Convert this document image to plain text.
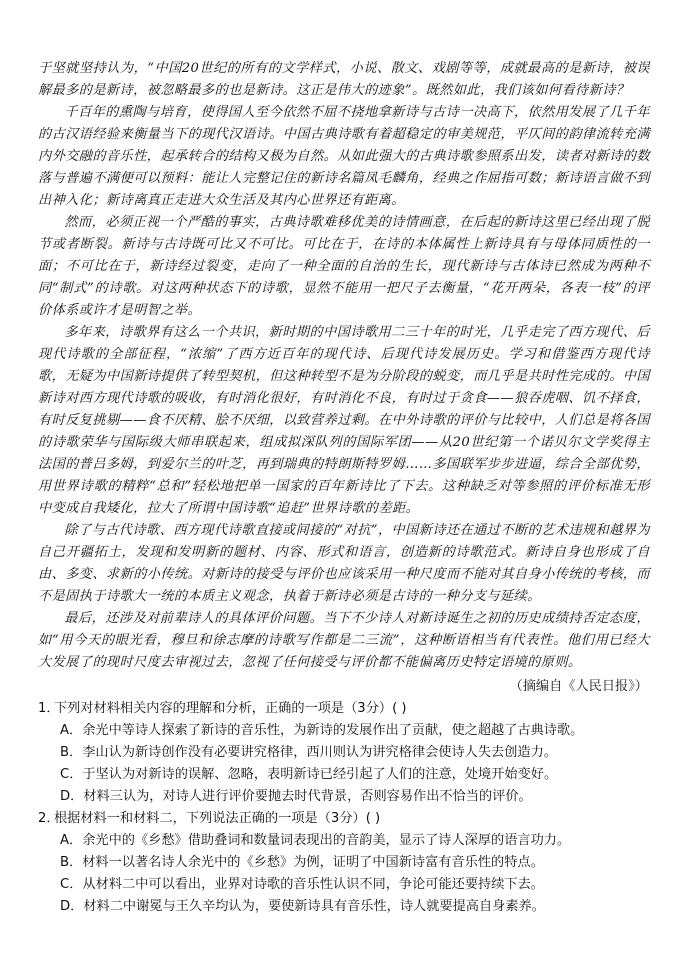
于坚就坚持认为，“中国20世纪的所有的文学样式，小说、散文、戏剧等等，成就最高的是新诗，被误解最多的是新诗，被忽略最多的也是新诗。这正是伟大的迹象”。既然如此，我们该如何看待新诗？

千百年的熏陶与培育，使得国人至今依然不屈不挠地拿新诗与古诗一决高下，依然用发展了几千年的古汉语经验来衡量当下的现代汉语诗。中国古典诗歌有着超稳定的审美规范，平仄间的韵律流转充满内外交融的音乐性，起承转合的结构又极为自然。从如此强大的古典诗歌参照系出发，读者对新诗的数落与普遍不满便可以预料：能让人完整记住的新诗名篇凤毛麟角，经典之作屈指可数；新诗语言做不到出神入化；新诗离真正走进大众生活及其内心世界还有距离。

然而，必须正视一个严酷的事实，古典诗歌难移优美的诗情画意，在后起的新诗这里已经出现了脱节或者断裂。新诗与古诗既可比又不可比。可比在于，在诗的本体属性上新诗具有与母体同质性的一面；不可比在于，新诗经过裂变，走向了一种全面的自治的生长，现代新诗与古体诗已然成为两种不同“制式”的诗歌。对这两种状态下的诗歌，显然不能用一把尺子去衡量，“花开两朵，各表一枝”的评价体系或许才是明智之举。

多年来，诗歌界有这么一个共识，新时期的中国诗歌用二三十年的时光，几乎走完了西方现代、后现代诗歌的全部征程，“浓缩”了西方近百年的现代诗、后现代诗发展历史。学习和借鉴西方现代诗歌，无疑为中国新诗提供了转型契机，但这种转型不是为分阶段的蜕变，而几乎是共时性完成的。中国新诗对西方现代诗歌的吸收，有时消化很好，有时消化不良，有时过于贪食——狼吞虎咽、饥不择食，有时反复挑剔——食不厌精、脍不厌细，以致营养过剩。在中外诗歌的评价与比较中，人们总是将各国的诗歌荣华与国际级大师串联起来，组成拟深队列的国际军团——从20世纪第一个诺贝尔文学奖得主法国的普吕多姆，到爱尔兰的叶芝，再到瑞典的特朗斯特罗姆……多国联军步步进逼，综合全部优势，用世界诗歌的精粹“总和”轻松地把单一国家的百年新诗比了下去。这种缺乏对等参照的评价标准无形中变成自我矮化，拉大了所谓中国诗歌“追赶”世界诗歌的差距。

除了与古代诗歌、西方现代诗歌直接或间接的“对抗”，中国新诗还在通过不断的艺术违规和越界为自己开疆拓土，发现和发明新的题材、内容、形式和语言，创造新的诗歌范式。新诗自身也形成了自由、多变、求新的小传统。对新诗的接受与评价也应该采用一种尺度而不能对其自身小传统的考核，而不是固执于诗歌大一统的本质主义观念，执着于新诗必须是古诗的一种分支与延续。

最后，还涉及对前辈诗人的具体评价问题。当下不少诗人对新诗诞生之初的历史成绩持否定态度，如“用今天的眼光看，穆旦和徐志摩的诗歌写作都是二三流”，这种断语相当有代表性。他们用已经大大发展了的现时尺度去审视过去，忽视了任何接受与评价都不能偏离历史特定语境的原则。

（摘编自《人民日报》）

1．下列对材料相关内容的理解和分析，正确的一项是（3分）( )

A．余光中等诗人探索了新诗的音乐性，为新诗的发展作出了贡献，使之超越了古典诗歌。

B．李山认为新诗创作没有必要讲究格律，西川则认为讲究格律会使诗人失去创造力。

C．于坚认为对新诗的误解、忽略，表明新诗已经引起了人们的注意，处境开始变好。

D．材料三认为，对诗人进行评价要抛去时代背景，否则容易作出不恰当的评价。

2．根据材料一和材料二，下列说法正确的一项是（3分）( )

A．余光中的《乡愁》借助叠词和数量词表现出的音韵美，显示了诗人深厚的语言功力。

B．材料一以著名诗人余光中的《乡愁》为例，证明了中国新诗富有音乐性的特点。

C．从材料二中可以看出，业界对诗歌的音乐性认识不同，争论可能还要持续下去。

D．材料二中谢冕与王久辛均认为，要使新诗具有音乐性，诗人就要提高自身素养。
